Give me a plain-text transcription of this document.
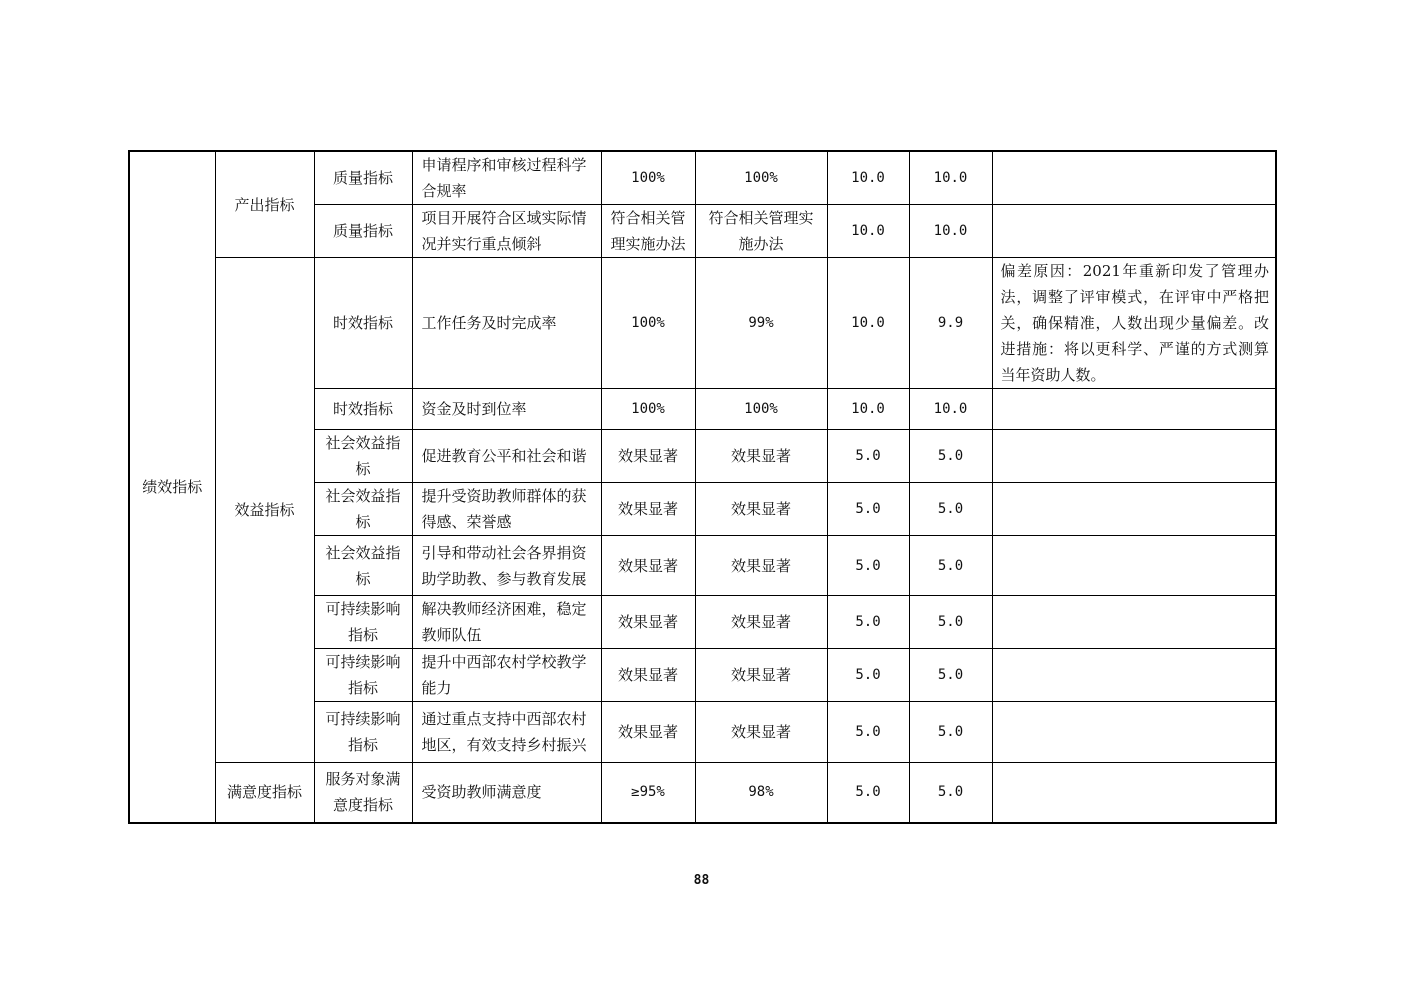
绩效指标	产出指标	质量指标	申请程序和审核过程科学合规率	100%	100%	10.0	10.0	
		质量指标	项目开展符合区域实际情况并实行重点倾斜	符合相关管理实施办法	符合相关管理实施办法	10.0	10.0	
	效益指标	时效指标	工作任务及时完成率	100%	99%	10.0	9.9	偏差原因：2021年重新印发了管理办法，调整了评审模式，在评审中严格把关，确保精准，人数出现少量偏差。改进措施：将以更科学、严谨的方式测算当年资助人数。
		时效指标	资金及时到位率	100%	100%	10.0	10.0	
		社会效益指标	促进教育公平和社会和谐	效果显著	效果显著	5.0	5.0	
		社会效益指标	提升受资助教师群体的获得感、荣誉感	效果显著	效果显著	5.0	5.0	
		社会效益指标	引导和带动社会各界捐资助学助教、参与教育发展	效果显著	效果显著	5.0	5.0	
		可持续影响指标	解决教师经济困难，稳定教师队伍	效果显著	效果显著	5.0	5.0	
		可持续影响指标	提升中西部农村学校教学能力	效果显著	效果显著	5.0	5.0	
		可持续影响指标	通过重点支持中西部农村地区，有效支持乡村振兴	效果显著	效果显著	5.0	5.0	
	满意度指标	服务对象满意度指标	受资助教师满意度	≥95%	98%	5.0	5.0	
88
